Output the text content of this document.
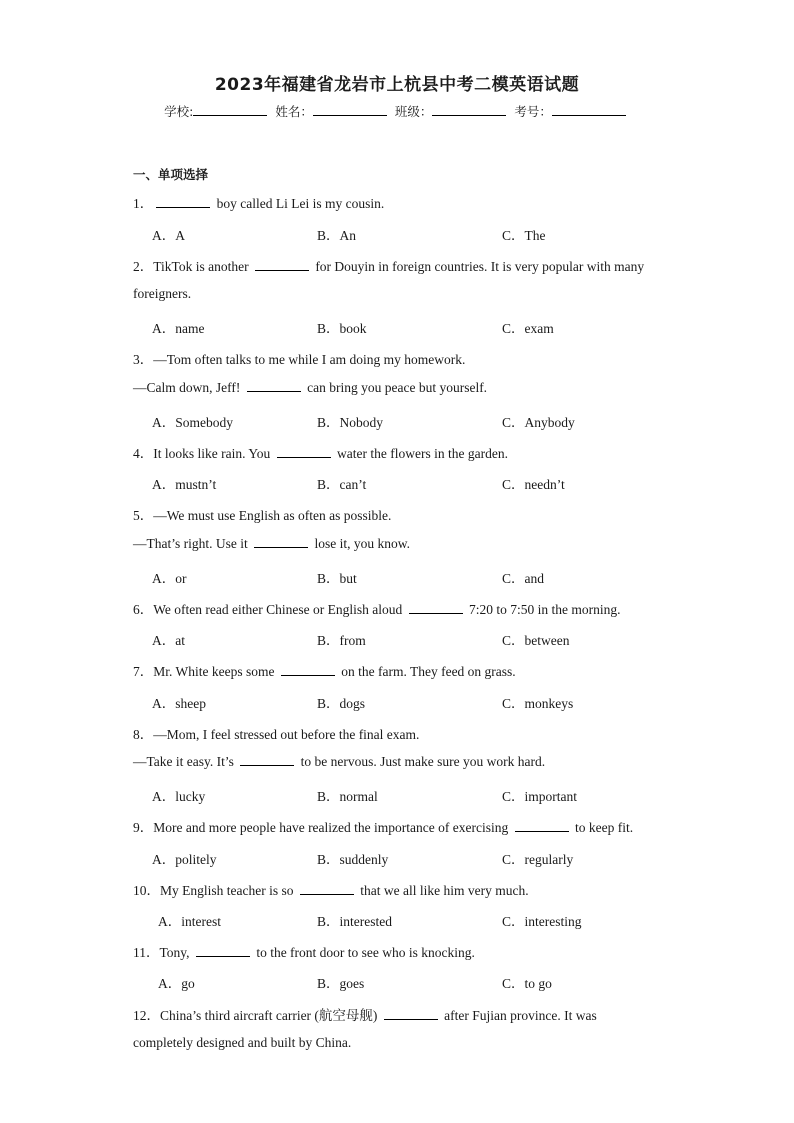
2023年福建省龙岩市上杭县中考二模英语试题
学校:	姓名：	班级：	考号：
一、单项选择
1．	boy called Li Lei is my cousin.
A．A	B．An	C．The
2．TikTok is another	for Douyin in foreign countries. It is very popular with many
foreigners.
A．name	B．book	C．exam
3．—Tom often talks to me while I am doing my homework.
—Calm down, Jeff!	can bring you peace but yourself.
A．Somebody	B．Nobody	C．Anybody
4．It looks like rain. You	water the flowers in the garden.
A．mustn’t	B．can’t	C．needn’t
5．—We must use English as often as possible.
—That’s right. Use it	lose it, you know.
A．or	B．but	C．and
6．We often read either Chinese or English aloud	7:20 to 7:50 in the morning.
A．at	B．from	C．between
7．Mr. White keeps some	on the farm. They feed on grass.
A．sheep	B．dogs	C．monkeys
8．—Mom, I feel stressed out before the final exam.
—Take it easy. It’s	to be nervous. Just make sure you work hard.
A．lucky	B．normal	C．important
9．More and more people have realized the importance of exercising	to keep fit.
A．politely	B．suddenly	C．regularly
10．My English teacher is so	that we all like him very much.
A．interest	B．interested	C．interesting
11．Tony,	to the front door to see who is knocking.
A．go	B．goes	C．to go
12．China’s third aircraft carrier (航空母舰)	after Fujian province. It was
completely designed and built by China.
